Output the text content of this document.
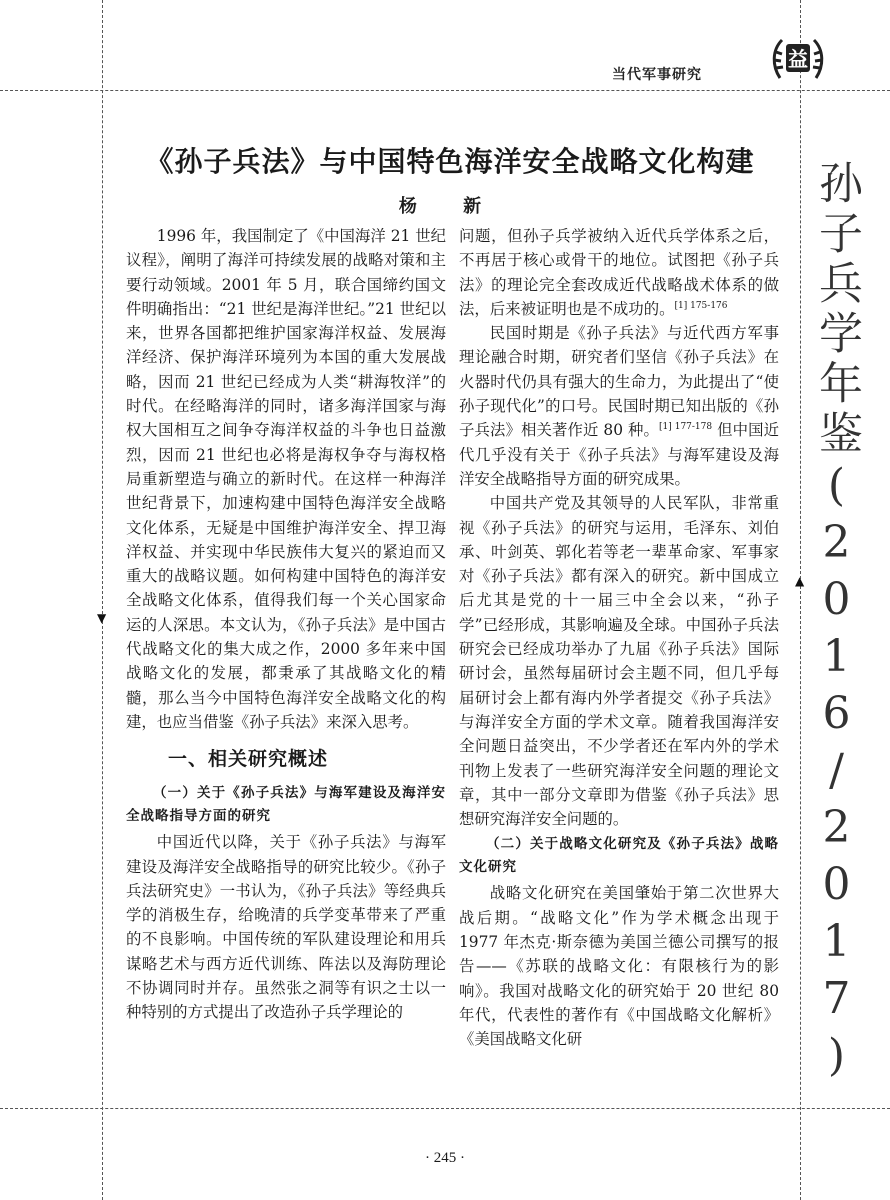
▼
▲
当代军事研究
益
孙子兵学年鉴(2016/2017)
《孙子兵法》与中国特色海洋安全战略文化构建
杨 新

1996 年，我国制定了《中国海洋 21 世纪议程》，阐明了海洋可持续发展的战略对策和主要行动领域。2001 年 5 月，联合国缔约国文件明确指出：“21 世纪是海洋世纪。”21 世纪以来，世界各国都把维护国家海洋权益、发展海洋经济、保护海洋环境列为本国的重大发展战略，因而 21 世纪已经成为人类“耕海牧洋”的时代。在经略海洋的同时，诸多海洋国家与海权大国相互之间争夺海洋权益的斗争也日益激烈，因而 21 世纪也必将是海权争夺与海权格局重新塑造与确立的新时代。在这样一种海洋世纪背景下，加速构建中国特色海洋安全战略文化体系，无疑是中国维护海洋安全、捍卫海洋权益、并实现中华民族伟大复兴的紧迫而又重大的战略议题。如何构建中国特色的海洋安全战略文化体系，值得我们每一个关心国家命运的人深思。本文认为，《孙子兵法》是中国古代战略文化的集大成之作，2000 多年来中国战略文化的发展，都秉承了其战略文化的精髓，那么当今中国特色海洋安全战略文化的构建，也应当借鉴《孙子兵法》来深入思考。

一、相关研究概述
（一）关于《孙子兵法》与海军建设及海洋安全战略指导方面的研究

中国近代以降，关于《孙子兵法》与海军建设及海洋安全战略指导的研究比较少。《孙子兵法研究史》一书认为，《孙子兵法》等经典兵学的消极生存，给晚清的兵学变革带来了严重的不良影响。中国传统的军队建设理论和用兵谋略艺术与西方近代训练、阵法以及海防理论不协调同时并存。虽然张之洞等有识之士以一种特别的方式提出了改造孙子兵学理论的

问题，但孙子兵学被纳入近代兵学体系之后，不再居于核心或骨干的地位。试图把《孙子兵法》的理论完全套改成近代战略战术体系的做法，后来被证明也是不成功的。$^{[1] 175-176}$

民国时期是《孙子兵法》与近代西方军事理论融合时期，研究者们坚信《孙子兵法》在火器时代仍具有强大的生命力，为此提出了“使孙子现代化”的口号。民国时期已知出版的《孙子兵法》相关著作近 80 种。$^{[1] 177-178}$ 但中国近代几乎没有关于《孙子兵法》与海军建设及海洋安全战略指导方面的研究成果。

中国共产党及其领导的人民军队，非常重视《孙子兵法》的研究与运用，毛泽东、刘伯承、叶剑英、郭化若等老一辈革命家、军事家对《孙子兵法》都有深入的研究。新中国成立后尤其是党的十一届三中全会以来，“孙子学”已经形成，其影响遍及全球。中国孙子兵法研究会已经成功举办了九届《孙子兵法》国际研讨会，虽然每届研讨会主题不同，但几乎每届研讨会上都有海内外学者提交《孙子兵法》与海洋安全方面的学术文章。随着我国海洋安全问题日益突出，不少学者还在军内外的学术刊物上发表了一些研究海洋安全问题的理论文章，其中一部分文章即为借鉴《孙子兵法》思想研究海洋安全问题的。

（二）关于战略文化研究及《孙子兵法》战略文化研究

战略文化研究在美国肇始于第二次世界大战后期。“战略文化”作为学术概念出现于 1977 年杰克·斯奈德为美国兰德公司撰写的报告——《苏联的战略文化：有限核行为的影响》。我国对战略文化的研究始于 20 世纪 80 年代，代表性的著作有《中国战略文化解析》《美国战略文化研

· 245 ·
